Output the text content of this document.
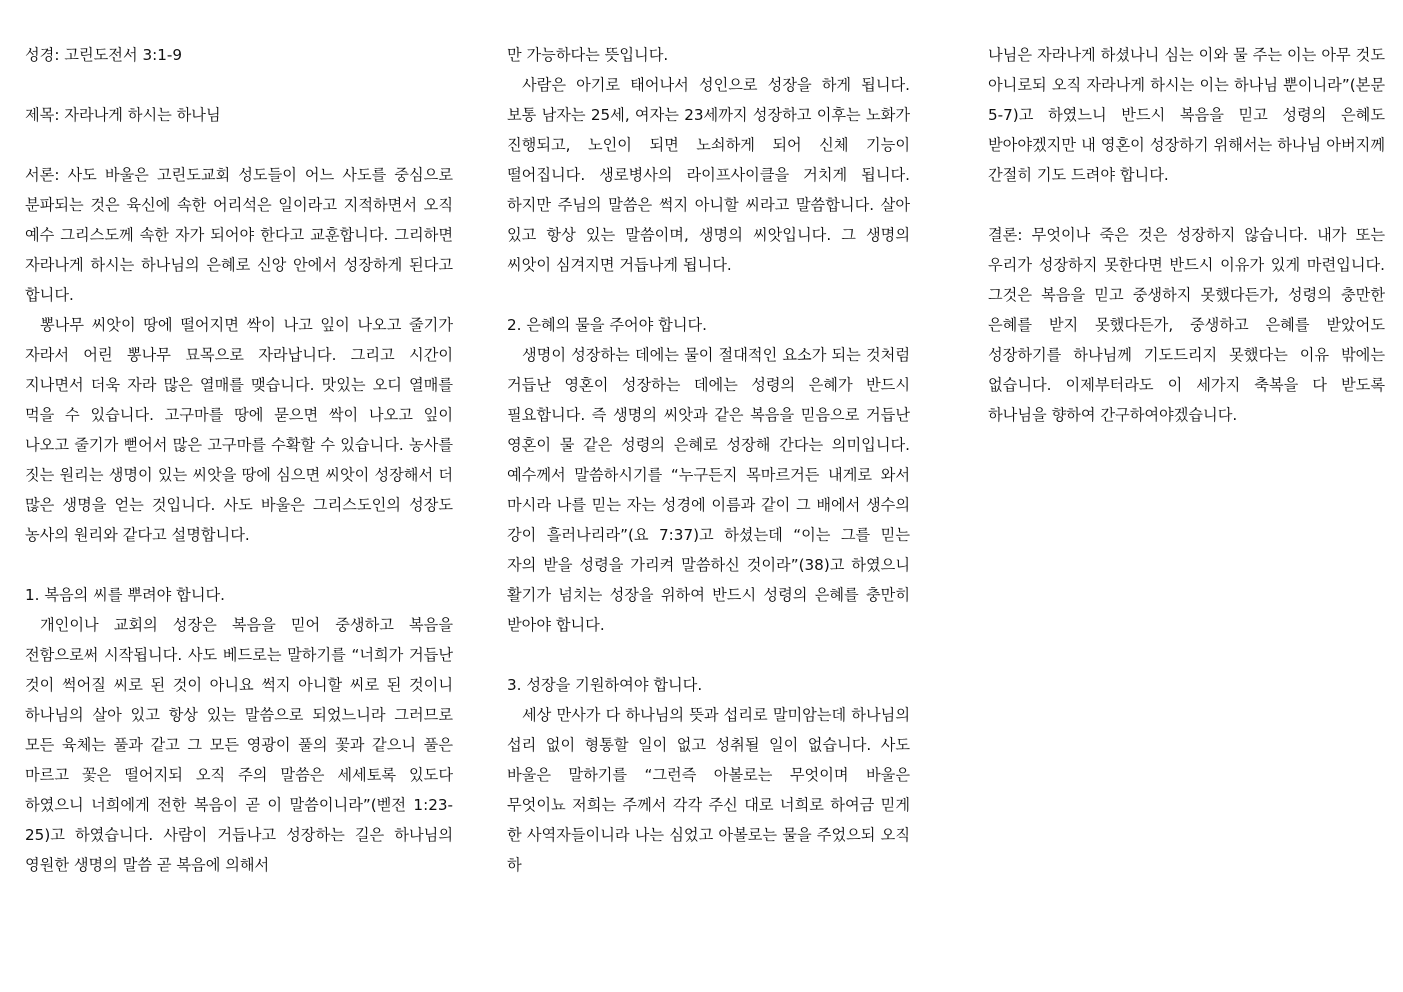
성경: 고린도전서 3:1-9

제목: 자라나게 하시는 하나님

서론: 사도 바울은 고린도교회 성도들이 어느 사도를 중심으로 분파되는 것은 육신에 속한 어리석은 일이라고 지적하면서 오직 예수 그리스도께 속한 자가 되어야 한다고 교훈합니다. 그리하면 자라나게 하시는 하나님의 은혜로 신앙 안에서 성장하게 된다고 합니다.

뽕나무 씨앗이 땅에 떨어지면 싹이 나고 잎이 나오고 줄기가 자라서 어린 뽕나무 묘목으로 자라납니다. 그리고 시간이 지나면서 더욱 자라 많은 열매를 맺습니다. 맛있는 오디 열매를 먹을 수 있습니다. 고구마를 땅에 묻으면 싹이 나오고 잎이 나오고 줄기가 뻗어서 많은 고구마를 수확할 수 있습니다. 농사를 짓는 원리는 생명이 있는 씨앗을 땅에 심으면 씨앗이 성장해서 더 많은 생명을 얻는 것입니다. 사도 바울은 그리스도인의 성장도 농사의 원리와 같다고 설명합니다.

1. 복음의 씨를 뿌려야 합니다.

개인이나 교회의 성장은 복음을 믿어 중생하고 복음을 전함으로써 시작됩니다. 사도 베드로는 말하기를 “너희가 거듭난 것이 썩어질 씨로 된 것이 아니요 썩지 아니할 씨로 된 것이니 하나님의 살아 있고 항상 있는 말씀으로 되었느니라 그러므로 모든 육체는 풀과 같고 그 모든 영광이 풀의 꽃과 같으니 풀은 마르고 꽃은 떨어지되 오직 주의 말씀은 세세토록 있도다 하였으니 너희에게 전한 복음이 곧 이 말씀이니라”(벧전 1:23-25)고 하였습니다. 사람이 거듭나고 성장하는 길은 하나님의 영원한 생명의 말씀 곧 복음에 의해서

만 가능하다는 뜻입니다.

사람은 아기로 태어나서 성인으로 성장을 하게 됩니다. 보통 남자는 25세, 여자는 23세까지 성장하고 이후는 노화가 진행되고, 노인이 되면 노쇠하게 되어 신체 기능이 떨어집니다. 생로병사의 라이프사이클을 거치게 됩니다. 하지만 주님의 말씀은 썩지 아니할 씨라고 말씀합니다. 살아 있고 항상 있는 말씀이며, 생명의 씨앗입니다. 그 생명의 씨앗이 심겨지면 거듭나게 됩니다.

2. 은혜의 물을 주어야 합니다.

생명이 성장하는 데에는 물이 절대적인 요소가 되는 것처럼 거듭난 영혼이 성장하는 데에는 성령의 은혜가 반드시 필요합니다. 즉 생명의 씨앗과 같은 복음을 믿음으로 거듭난 영혼이 물 같은 성령의 은혜로 성장해 간다는 의미입니다. 예수께서 말씀하시기를 “누구든지 목마르거든 내게로 와서 마시라 나를 믿는 자는 성경에 이름과 같이 그 배에서 생수의 강이 흘러나리라”(요 7:37)고 하셨는데 “이는 그를 믿는 자의 받을 성령을 가리켜 말씀하신 것이라”(38)고 하였으니 활기가 넘치는 성장을 위하여 반드시 성령의 은혜를 충만히 받아야 합니다.

3. 성장을 기원하여야 합니다.

세상 만사가 다 하나님의 뜻과 섭리로 말미암는데 하나님의 섭리 없이 형통할 일이 없고 성취될 일이 없습니다. 사도 바울은 말하기를 “그런즉 아볼로는 무엇이며 바울은 무엇이뇨 저희는 주께서 각각 주신 대로 너희로 하여금 믿게 한 사역자들이니라 나는 심었고 아볼로는 물을 주었으되 오직 하

나님은 자라나게 하셨나니 심는 이와 물 주는 이는 아무 것도 아니로되 오직 자라나게 하시는 이는 하나님 뿐이니라”(본문 5-7)고 하였느니 반드시 복음을 믿고 성령의 은혜도 받아야겠지만 내 영혼이 성장하기 위해서는 하나님 아버지께 간절히 기도 드려야 합니다.

결론: 무엇이나 죽은 것은 성장하지 않습니다. 내가 또는 우리가 성장하지 못한다면 반드시 이유가 있게 마련입니다. 그것은 복음을 믿고 중생하지 못했다든가, 성령의 충만한 은혜를 받지 못했다든가, 중생하고 은혜를 받았어도 성장하기를 하나님께 기도드리지 못했다는 이유 밖에는 없습니다. 이제부터라도 이 세가지 축복을 다 받도록 하나님을 향하여 간구하여야겠습니다.
